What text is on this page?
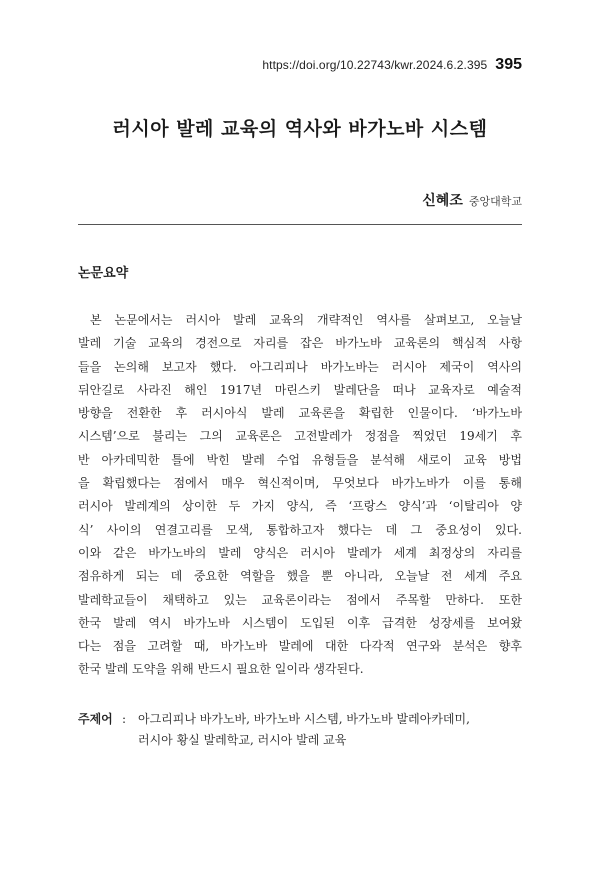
https://doi.org/10.22743/kwr.2024.6.2.395 395
러시아 발레 교육의 역사와 바가노바 시스템
신혜조 중앙대학교
논문요약
본 논문에서는 러시아 발레 교육의 개략적인 역사를 살펴보고, 오늘날
발레 기술 교육의 경전으로 자리를 잡은 바가노바 교육론의 핵심적 사항
들을 논의해 보고자 했다. 아그리피나 바가노바는 러시아 제국이 역사의
뒤안길로 사라진 해인 1917년 마린스키 발레단을 떠나 교육자로 예술적
방향을 전환한 후 러시아식 발레 교육론을 확립한 인물이다. ‘바가노바
시스템’으로 불리는 그의 교육론은 고전발레가 정점을 찍었던 19세기 후
반 아카데믹한 틀에 박힌 발레 수업 유형들을 분석해 새로이 교육 방법
을 확립했다는 점에서 매우 혁신적이며, 무엇보다 바가노바가 이를 통해
러시아 발레계의 상이한 두 가지 양식, 즉 ‘프랑스 양식’과 ‘이탈리아 양
식’ 사이의 연결고리를 모색, 통합하고자 했다는 데 그 중요성이 있다.
이와 같은 바가노바의 발레 양식은 러시아 발레가 세계 최정상의 자리를
점유하게 되는 데 중요한 역할을 했을 뿐 아니라, 오늘날 전 세계 주요
발레학교들이 채택하고 있는 교육론이라는 점에서 주목할 만하다. 또한
한국 발레 역시 바가노바 시스템이 도입된 이후 급격한 성장세를 보여왔
다는 점을 고려할 때, 바가노바 발레에 대한 다각적 연구와 분석은 향후
한국 발레 도약을 위해 반드시 필요한 일이라 생각된다.
주제어 : 아그리피나 바가노바, 바가노바 시스템, 바가노바 발레아카데미,
러시아 황실 발레학교, 러시아 발레 교육
